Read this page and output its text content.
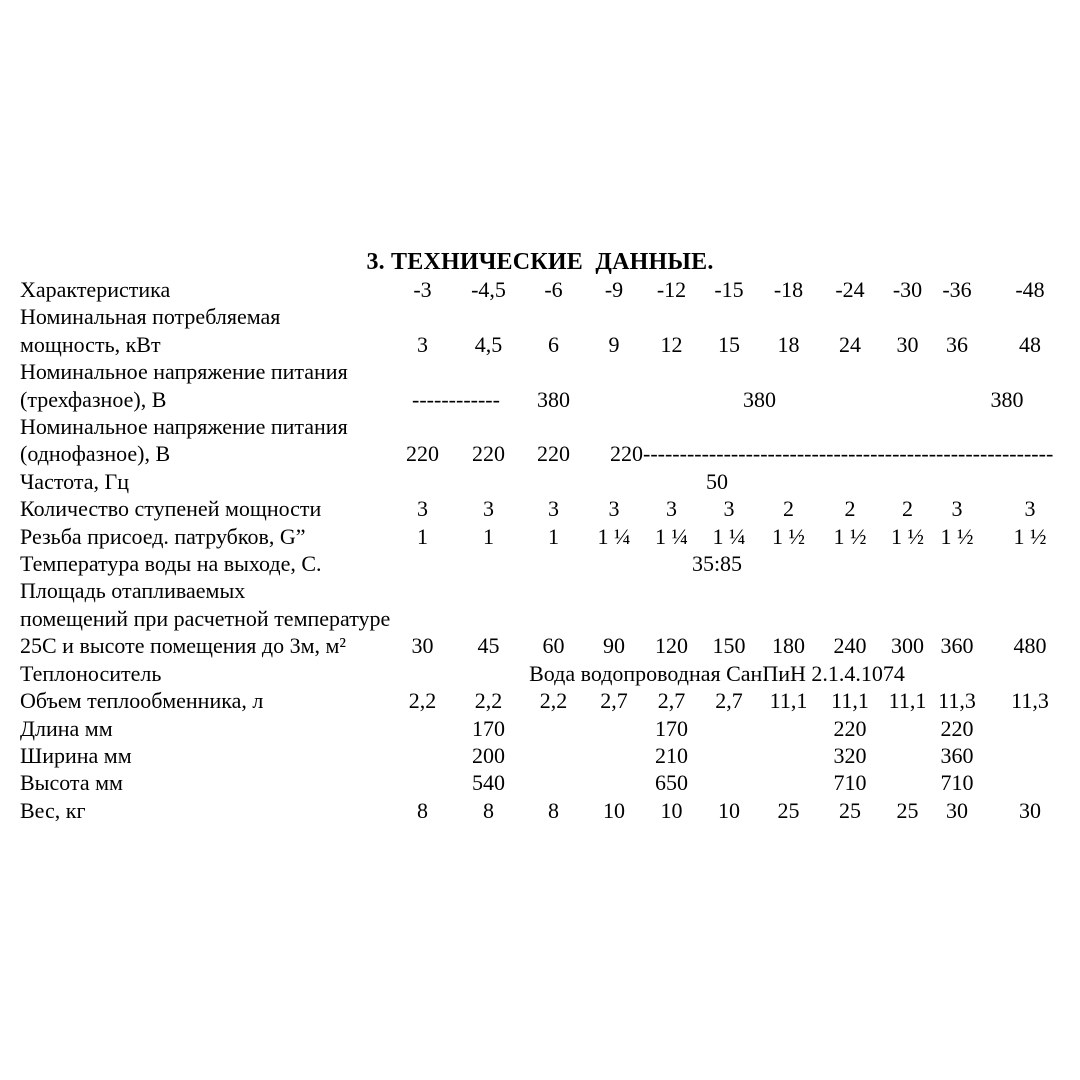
3. ТЕХНИЧЕСКИЕ  ДАННЫЕ.
Характеристика	-3	-4,5	-6	-9	-12	-15	-18	-24	-30	-36	-48
Номинальная потребляемая											
мощность, кВт	3	4,5	6	9	12	15	18	24	30	36	48
Номинальное напряжение питания											
(трехфазное), В	------------		380			380				380	
Номинальное напряжение питания											
(однофазное), В	220	220	220	220--------------------------------------------------------							
Частота, Гц	50										
Количество ступеней мощности	3	3	3	3	3	3	2	2	2	3	3
Резьба присоед. патрубков, G”	1	1	1	1 ¼	1 ¼	1 ¼	1 ½	1 ½	1 ½	1 ½	1 ½
Температура воды на выходе, С.	35:85										
Площадь отапливаемых											
помещений при расчетной температуре											
25С и высоте помещения до 3м, м²	30	45	60	90	120	150	180	240	300	360	480
Теплоноситель	Вода водопроводная СанПиН 2.1.4.1074										
Объем теплообменника, л	2,2	2,2	2,2	2,7	2,7	2,7	11,1	11,1	11,1	11,3	11,3
Длина мм		170			170			220		220	
Ширина мм		200			210			320		360	
Высота мм		540			650			710		710	
Вес, кг	8	8	8	10	10	10	25	25	25	30	30
